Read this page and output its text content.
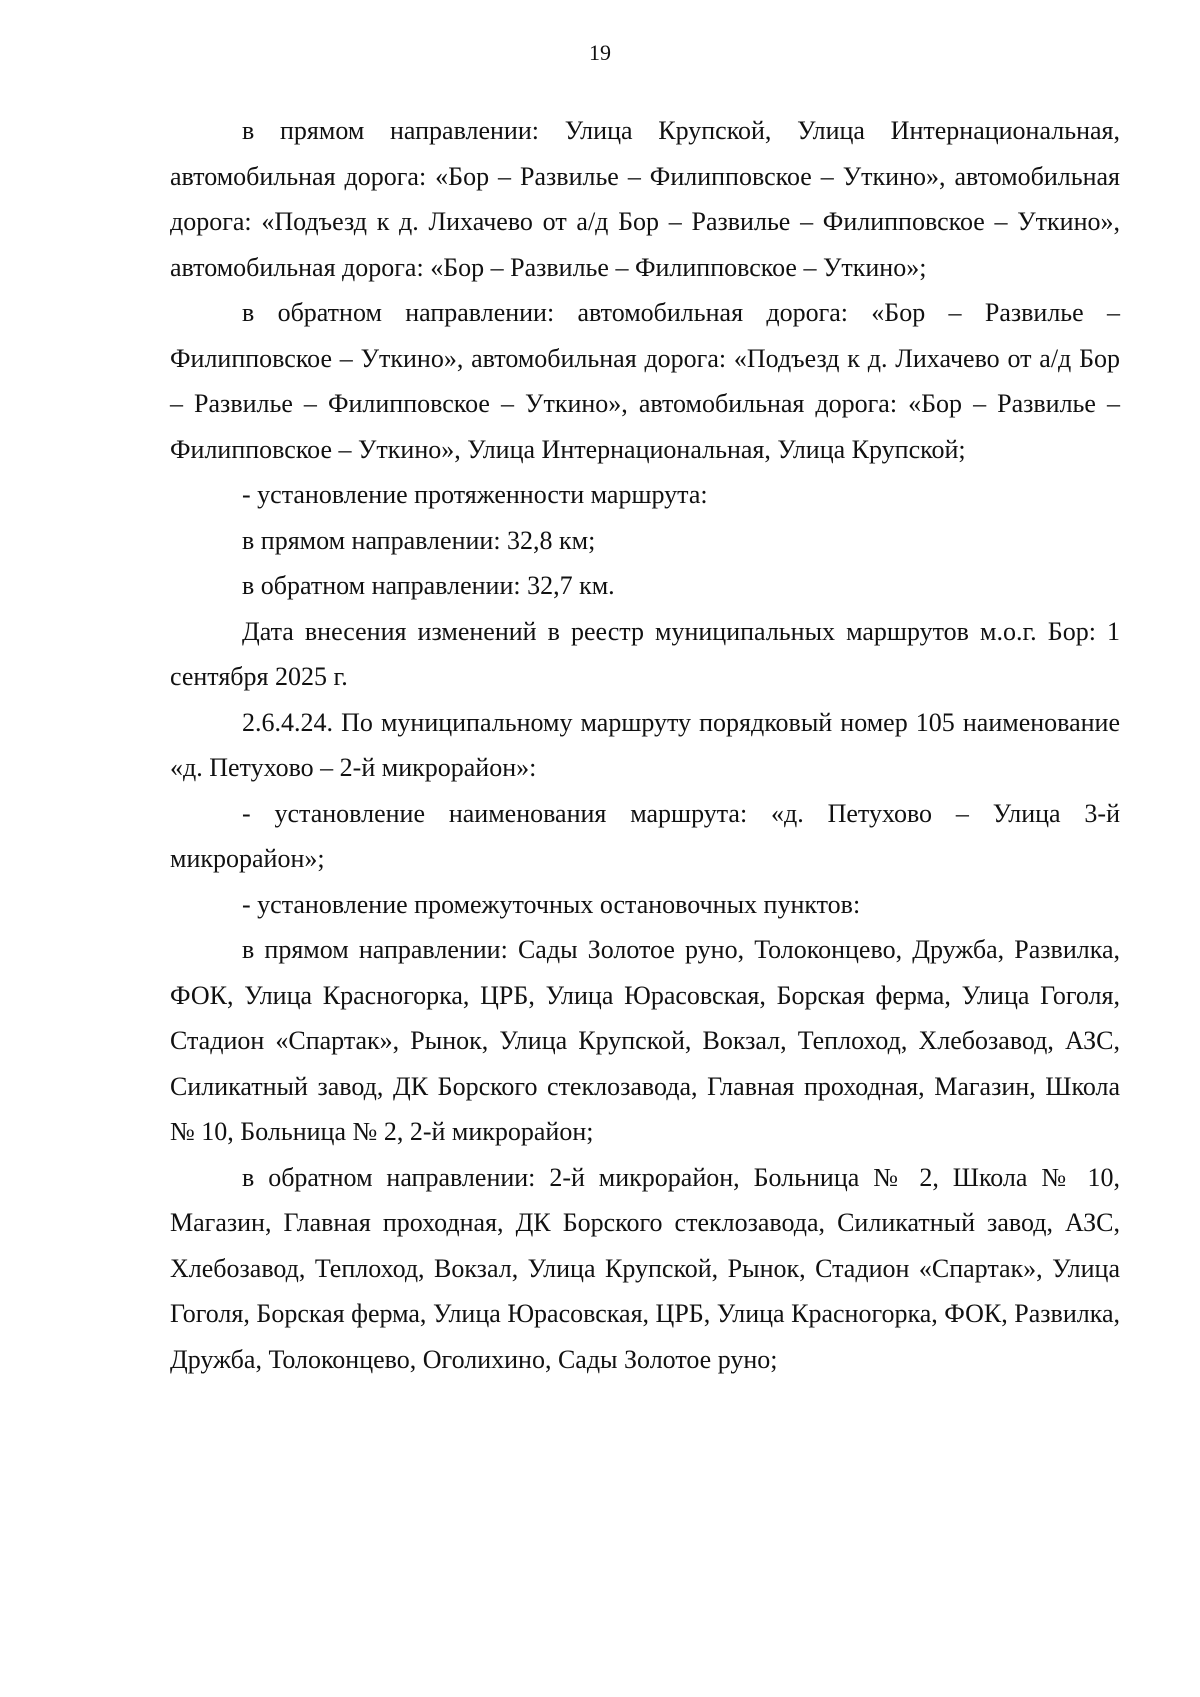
19

в прямом направлении: Улица Крупской, Улица Интернациональная, автомобильная дорога: «Бор – Развилье – Филипповское – Уткино», автомобильная дорога: «Подъезд к д. Лихачево от а/д Бор – Развилье – Филипповское – Уткино», автомобильная дорога: «Бор – Развилье – Филипповское – Уткино»;

в обратном направлении: автомобильная дорога: «Бор – Развилье – Филипповское – Уткино», автомобильная дорога: «Подъезд к д. Лихачево от а/д Бор – Развилье – Филипповское – Уткино», автомобильная дорога: «Бор – Развилье – Филипповское – Уткино», Улица Интернациональная, Улица Крупской;

- установление протяженности маршрута:

в прямом направлении: 32,8 км;

в обратном направлении: 32,7 км.

Дата внесения изменений в реестр муниципальных маршрутов м.о.г. Бор: 1 сентября 2025 г.

2.6.4.24. По муниципальному маршруту порядковый номер 105 наименование «д. Петухово – 2-й микрорайон»:

- установление наименования маршрута: «д. Петухово – Улица 3-й микрорайон»;

- установление промежуточных остановочных пунктов:

в прямом направлении: Сады Золотое руно, Толоконцево, Дружба, Развилка, ФОК, Улица Красногорка, ЦРБ, Улица Юрасовская, Борская ферма, Улица Гоголя, Стадион «Спартак», Рынок, Улица Крупской, Вокзал, Теплоход, Хлебозавод, АЗС, Силикатный завод, ДК Борского стеклозавода, Главная проходная, Магазин, Школа № 10, Больница № 2, 2-й микрорайон;

в обратном направлении: 2-й микрорайон, Больница № 2, Школа № 10, Магазин, Главная проходная, ДК Борского стеклозавода, Силикатный завод, АЗС, Хлебозавод, Теплоход, Вокзал, Улица Крупской, Рынок, Стадион «Спартак», Улица Гоголя, Борская ферма, Улица Юрасовская, ЦРБ, Улица Красногорка, ФОК, Развилка, Дружба, Толоконцево, Оголихино, Сады Золотое руно;
